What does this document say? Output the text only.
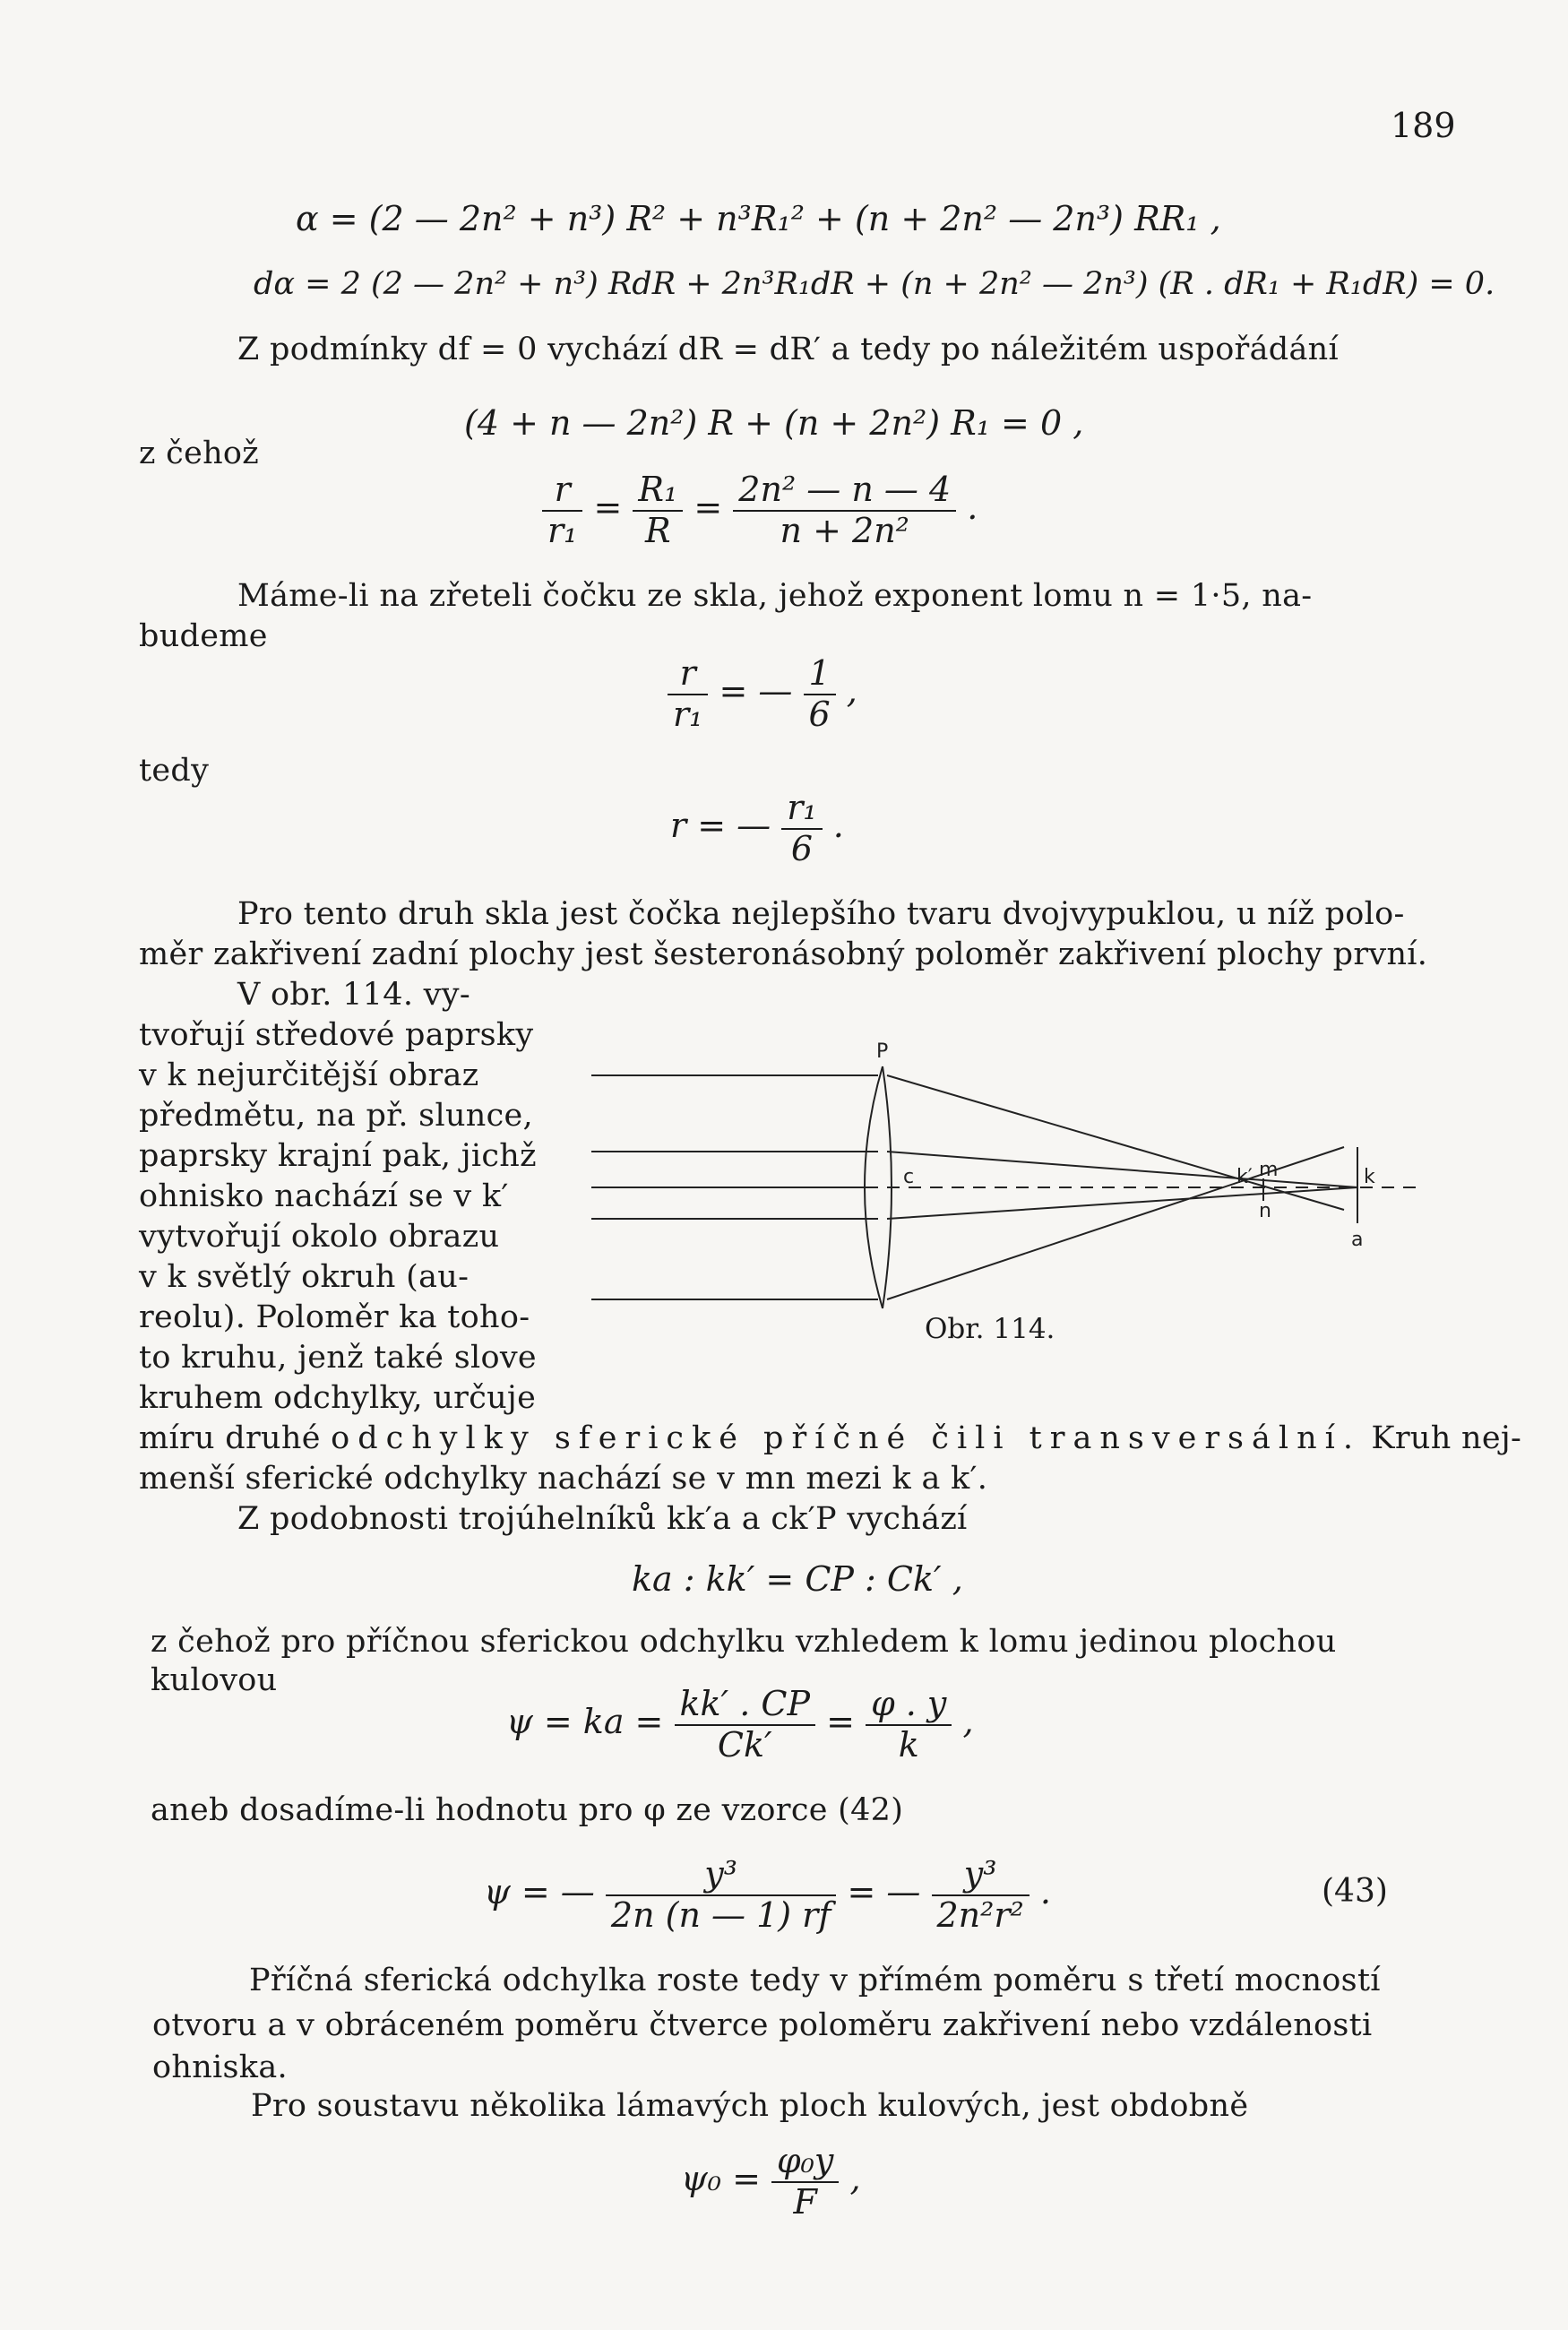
189
α = (2 — 2n² + n³) R² + n³R₁² + (n + 2n² — 2n³) RR₁ ,
dα = 2 (2 — 2n² + n³) RdR + 2n³R₁dR + (n + 2n² — 2n³) (R . dR₁ + R₁dR) = 0.
Z podmínky df = 0 vychází dR = dR′ a tedy po náležitém uspořádání
(4 + n — 2n²) R + (n + 2n²) R₁ = 0 ,
z čehož
$\frac{r}{\text{r₁}} = \frac{\text{R₁}}{R} = \frac{\text{2n² — n — 4}}{\text{n + 2n²}}$ .
Máme-li na zřeteli čočku ze skla, jehož exponent lomu n = 1·5, na-
budeme
$\frac{r}{\text{r₁}}$ = — $\frac{1}{6}$ ,
tedy
r = — $\frac{\text{r₁}}{6}$ .
Pro tento druh skla jest čočka nejlepšího tvaru dvojvypuklou, u níž polo-
měr zakřivení zadní plochy jest šesteronásobný poloměr zakřivení plochy první.
V obr. 114. vy-
tvořují středové paprsky
v k nejurčitější obraz
předmětu, na př. slunce,
paprsky krajní pak, jichž
ohnisko nachází se v k′
vytvořují okolo obrazu
v k světlý okruh (au-
reolu). Poloměr ka toho-
to kruhu, jenž také slove
kruhem odchylky, určuje
P
c	k′ m
n
k
a
Obr. 114.
míru druhé odchylky sferické příčné čili transversální. Kruh nej-
menší sferické odchylky nachází se v mn mezi k a k′.
Z podobnosti trojúhelníků kk′a a ck′P vychází
ka : kk′ = CP : Ck′ ,
z čehož pro příčnou sferickou odchylku vzhledem k lomu jedinou plochou
kulovou
ψ = ka = $\frac{kk' . CP}{Ck'} = \frac{\varphi . y}{k}$ ,
aneb dosadíme-li hodnotu pro φ ze vzorce (42)
ψ = — $\frac{\text{y³}}{2n (n — 1) rf}$ = — $\frac{\text{y³}}{\text{2n²r²}}$ .	(43)
Příčná sferická odchylka roste tedy v přímém poměru s třetí mocností
otvoru a v obráceném poměru čtverce poloměru zakřivení nebo vzdálenosti
ohniska.
Pro soustavu několika lámavých ploch kulových, jest obdobně
$\psi_0 = \frac{\text{φ₀y}}{F}$ ,
